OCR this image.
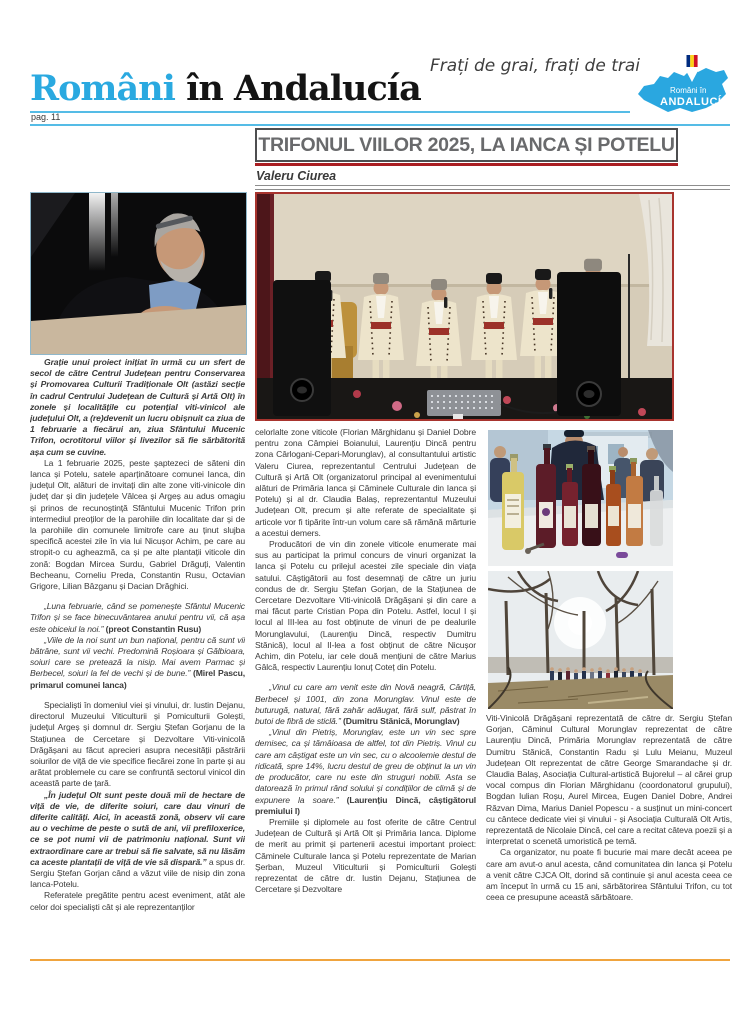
Frați de grai, frați de trai
Români în Andalucía
pag. 11
Români în
ANDALUCÍA
TRIFONUL VIILOR 2025, LA IANCA ȘI POTELU
Valeru Ciurea

Grație unui proiect inițiat în urmă cu un sfert de secol de către Centrul Județean pentru Conservarea și Promovarea Culturii Tradiționale Olt (astăzi secție în cadrul Centrului Județean de Cultură și Artă Olt) în zonele și localitățile cu potențial viti-vinicol ale județului Olt, a (re)devenit un lucru obișnuit ca ziua de 1 februarie a fiecărui an, ziua Sfântului Mucenic Trifon, ocrotitorul viilor și livezilor să fie sărbătorită așa cum se cuvine.

La 1 februarie 2025, peste șaptezeci de săteni din Ianca și Potelu, satele aparținătoare comunei Ianca, din județul Olt, alături de invitați din alte zone viti-vinicole din județ dar și din județele Vâlcea și Argeș au adus omagiu și prinos de recunoștință Sfântului Mucenic Trifon prin intermediul preoților de la parohiile din localitate dar și de la parohiile din comunele limitrofe care au ținut slujba specifică acestei zile în via lui Nicușor Achim, pe care au stropit-o cu agheazmă, ca și pe alte plantații viticole din zonă: Bogdan Mircea Surdu, Gabriel Drăguți, Valentin Becheanu, Corneliu Preda, Constantin Rusu, Octavian Grigore, Lilian Bâzganu și Dacian Drăghici.

„Luna februarie, când se pomenește Sfântul Mucenic Trifon și se face binecuvântarea anului pentru vii, că așa este obiceiul la noi.” (preot Constantin Rusu)

„Viile de la noi sunt un bun național, pentru că sunt vii bătrâne, sunt vii vechi. Predomină Roșioara și Gălbioara, soiuri care se pretează la nisip. Mai avem Parmac și Berbecel, soiuri la fel de vechi și de bune.” (Mirel Pascu, primarul comunei Ianca)

Specialiști în domeniul viei și vinului, dr. Iustin Dejanu, directorul Muzeului Viticulturii și Pomiculturii Golești, județul Argeș și domnul dr. Sergiu Ștefan Gorjanu de la Stațiunea de Cercetare și Dezvoltare Viti-vinicolă Drăgășani au făcut aprecieri asupra necesității păstrării soiurilor de viță de vie specifice fiecărei zone în parte și au arătat problemele cu care se confruntă sectorul vinicol din această parte de țară.

„În județul Olt sunt peste două mii de hectare de viță de vie, de diferite soiuri, care dau vinuri de diferite calități. Aici, în această zonă, observ vii care au o vechime de peste o sută de ani, vii prefiloxerice, ce se pot numi vii de patrimoniu național. Sunt vii extraordinare care ar trebui să fie salvate, să nu lăsăm ca aceste plantații de viță de vie să dispară.” a spus dr. Sergiu Ștefan Gorjan când a văzut viile de nisip din zona Ianca-Potelu.

Referatele pregătite pentru acest eveniment, atât ale celor doi specialiști cât și ale reprezentanților

celorlalte zone viticole (Florian Mărghidanu și Daniel Dobre pentru zona Câmpiei Boianului, Laurențiu Dincă pentru zona Cârlogani-Cepari-Morunglav), al consultantului artistic Valeru Ciurea, reprezentantul Centrului Județean de Cultură și Artă Olt (organizatorul principal al evenimentului alături de Primăria Ianca și Căminele Culturale din Ianca și Potelu) și al dr. Claudia Balaș, reprezentantul Muzeului Județean Olt, precum și alte referate de specialitate și articole vor fi tipărite într-un volum care să rămână mărturie a acestui demers.

Producători de vin din zonele viticole enumerate mai sus au participat la primul concurs de vinuri organizat la Ianca și Potelu cu prilejul acestei zile speciale din viața satului. Câștigătorii au fost desemnați de către un juriu condus de dr. Sergiu Ștefan Gorjan, de la Stațiunea de Cercetare Dezvoltare Viti-vinicolă Drăgășani și din care a mai făcut parte Cristian Popa din Potelu. Astfel, locul I și locul al III-lea au fost obținute de vinuri de pe dealurile Morunglavului, (Laurențiu Dincă, respectiv Dumitru Stănică), locul al II-lea a fost obținut de către Nicușor Achim, din Potelu, iar cele două mențiuni de către Marius Gâlcă, respectiv Laurențiu Ionuț Coteț din Potelu.

„Vinul cu care am venit este din Novă neagră, Cârtiță, Berbecel și 1001, din zona Morunglav. Vinul este de buturugă, natural, fără zahăr adăugat, fără sulf, păstrat în butoi de fibră de sticlă.” (Dumitru Stănică, Morunglav)

„Vinul din Pietriș, Morunglav, este un vin sec spre demisec, ca și tămâioasa de altfel, tot din Pietriș. Vinul cu care am câștigat este un vin sec, cu o alcoolemie destul de ridicată, spre 14%, lucru destul de greu de obținut la un vin de producător, care nu este din struguri nobili. Asta se datorează în primul rând solului și condițiilor de climă și de expunere la soare.” (Laurențiu Dincă, câștigătorul premiului I)

Premiile și diplomele au fost oferite de către Centrul Județean de Cultură și Artă Olt și Primăria Ianca. Diplome de merit au primit și partenerii acestui important proiect: Căminele Culturale Ianca și Potelu reprezentate de Marian Șerban, Muzeul Viticulturii și Pomiculturii Golești reprezentat de către dr. Iustin Dejanu, Stațiunea de Cercetare și Dezvoltare

Viti-Vinicolă Drăgășani reprezentată de către dr. Sergiu Ștefan Gorjan, Căminul Cultural Morunglav reprezentat de către Laurențiu Dincă, Primăria Morunglav reprezentată de către Dumitru Stănică, Constantin Radu și Lulu Meianu, Muzeul Județean Olt reprezentat de către George Smarandache și dr. Claudia Balaș, Asociația Cultural-artistică Bujorelul – al cărei grup vocal compus din Florian Mărghidanu (coordonatorul grupului), Bogdan Iulian Roșu, Aurel Mircea, Eugen Daniel Dobre, Andrei Răzvan Dima, Marius Daniel Popescu - a susținut un mini-concert cu cântece dedicate viei și vinului - și Asociația Culturală Olt Artis, reprezentată de Nicolaie Dincă, cel care a recitat câteva poezii și a interpretat o scenetă umoristică pe temă.

Ca organizator, nu poate fi bucurie mai mare decât aceea pe care am avut-o anul acesta, când comunitatea din Ianca și Potelu a venit către CJCA Olt, dorind să continuie și anul acesta ceea ce am început în urmă cu 15 ani, sărbătorirea Sfântului Trifon, cu tot ceea ce presupune această sărbătoare.
